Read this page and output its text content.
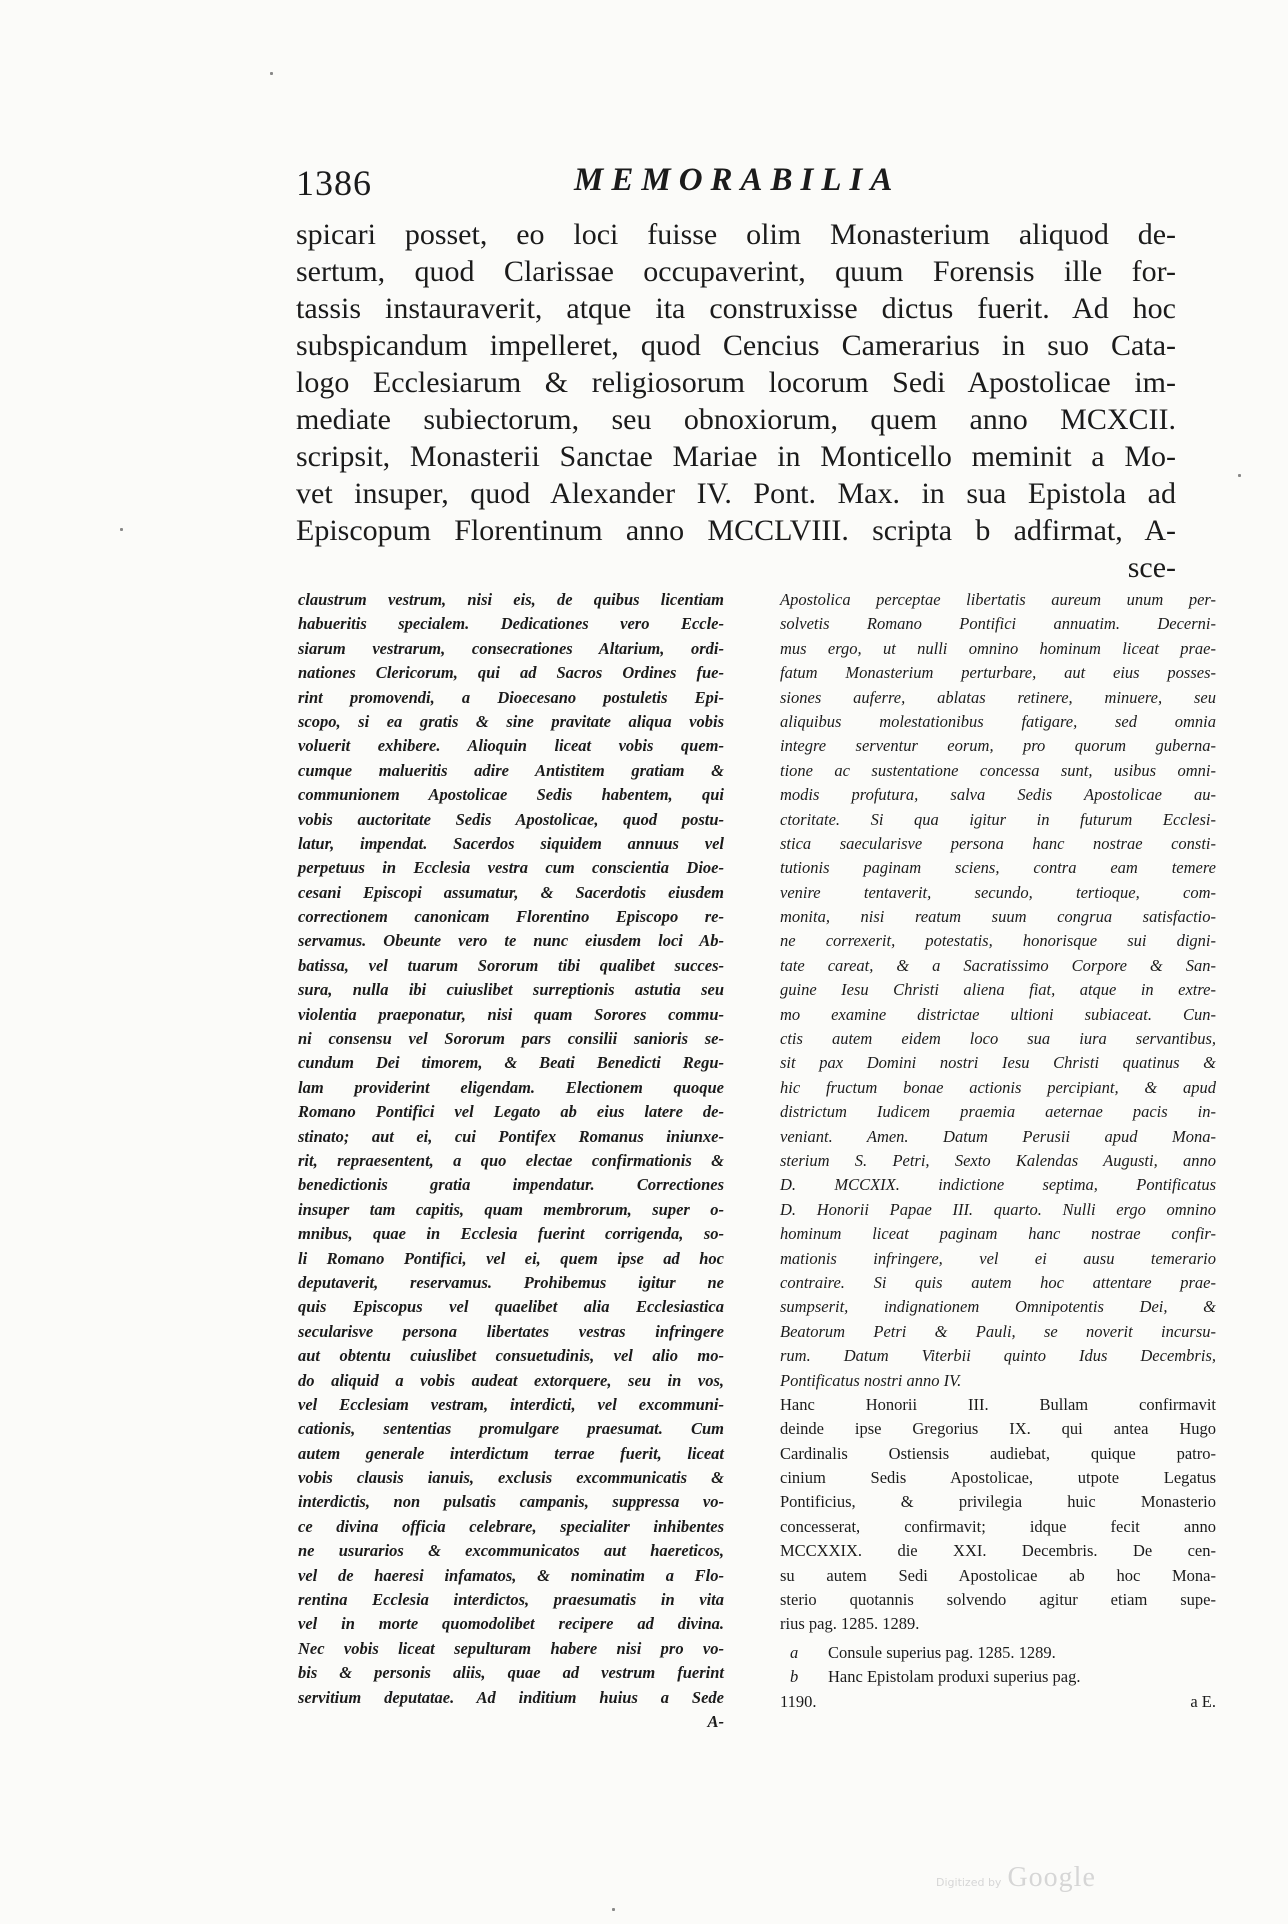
1386	MEMORABILIA
spicari posset, eo loci fuisse olim Monasterium aliquod de-
sertum, quod Clarissae occupaverint, quum Forensis ille for-
tassis instauraverit, atque ita construxisse dictus fuerit. Ad hoc
subspicandum impelleret, quod Cencius Camerarius in suo Cata-
logo Ecclesiarum & religiosorum locorum Sedi Apostolicae im-
mediate subiectorum, seu obnoxiorum, quem anno MCXCII.
scripsit, Monasterii Sanctae Mariae in Monticello meminit a Mo-
vet insuper, quod Alexander IV. Pont. Max. in sua Epistola ad
Episcopum Florentinum anno MCCLVIII. scripta b adfirmat, A-
sce-
claustrum vestrum, nisi eis, de quibus licentiam
habueritis specialem. Dedicationes vero Eccle-
siarum vestrarum, consecrationes Altarium, ordi-
nationes Clericorum, qui ad Sacros Ordines fue-
rint promovendi, a Dioecesano postuletis Epi-
scopo, si ea gratis & sine pravitate aliqua vobis
voluerit exhibere. Alioquin liceat vobis quem-
cumque malueritis adire Antistitem gratiam &
communionem Apostolicae Sedis habentem, qui
vobis auctoritate Sedis Apostolicae, quod postu-
latur, impendat. Sacerdos siquidem annuus vel
perpetuus in Ecclesia vestra cum conscientia Dioe-
cesani Episcopi assumatur, & Sacerdotis eiusdem
correctionem canonicam Florentino Episcopo re-
servamus. Obeunte vero te nunc eiusdem loci Ab-
batissa, vel tuarum Sororum tibi qualibet succes-
sura, nulla ibi cuiuslibet surreptionis astutia seu
violentia praeponatur, nisi quam Sorores commu-
ni consensu vel Sororum pars consilii sanioris se-
cundum Dei timorem, & Beati Benedicti Regu-
lam providerint eligendam. Electionem quoque
Romano Pontifici vel Legato ab eius latere de-
stinato; aut ei, cui Pontifex Romanus iniunxe-
rit, repraesentent, a quo electae confirmationis &
benedictionis gratia impendatur. Correctiones
insuper tam capitis, quam membrorum, super o-
mnibus, quae in Ecclesia fuerint corrigenda, so-
li Romano Pontifici, vel ei, quem ipse ad hoc
deputaverit, reservamus. Prohibemus igitur ne
quis Episcopus vel quaelibet alia Ecclesiastica
secularisve persona libertates vestras infringere
aut obtentu cuiuslibet consuetudinis, vel alio mo-
do aliquid a vobis audeat extorquere, seu in vos,
vel Ecclesiam vestram, interdicti, vel excommuni-
cationis, sententias promulgare praesumat. Cum
autem generale interdictum terrae fuerit, liceat
vobis clausis ianuis, exclusis excommunicatis &
interdictis, non pulsatis campanis, suppressa vo-
ce divina officia celebrare, specialiter inhibentes
ne usurarios & excommunicatos aut haereticos,
vel de haeresi infamatos, & nominatim a Flo-
rentina Ecclesia interdictos, praesumatis in vita
vel in morte quomodolibet recipere ad divina.
Nec vobis liceat sepulturam habere nisi pro vo-
bis & personis aliis, quae ad vestrum fuerint
servitium deputatae. Ad inditium huius a Sede
A-
Apostolica perceptae libertatis aureum unum per-
solvetis Romano Pontifici annuatim. Decerni-
mus ergo, ut nulli omnino hominum liceat prae-
fatum Monasterium perturbare, aut eius posses-
siones auferre, ablatas retinere, minuere, seu
aliquibus molestationibus fatigare, sed omnia
integre serventur eorum, pro quorum guberna-
tione ac sustentatione concessa sunt, usibus omni-
modis profutura, salva Sedis Apostolicae au-
ctoritate. Si qua igitur in futurum Ecclesi-
stica saecularisve persona hanc nostrae consti-
tutionis paginam sciens, contra eam temere
venire tentaverit, secundo, tertioque, com-
monita, nisi reatum suum congrua satisfactio-
ne correxerit, potestatis, honorisque sui digni-
tate careat, & a Sacratissimo Corpore & San-
guine Iesu Christi aliena fiat, atque in extre-
mo examine districtae ultioni subiaceat. Cun-
ctis autem eidem loco sua iura servantibus,
sit pax Domini nostri Iesu Christi quatinus &
hic fructum bonae actionis percipiant, & apud
districtum Iudicem praemia aeternae pacis in-
veniant. Amen. Datum Perusii apud Mona-
sterium S. Petri, Sexto Kalendas Augusti, anno
D. MCCXIX. indictione septima, Pontificatus
D. Honorii Papae III. quarto. Nulli ergo omnino
hominum liceat paginam hanc nostrae confir-
mationis infringere, vel ei ausu temerario
contraire. Si quis autem hoc attentare prae-
sumpserit, indignationem Omnipotentis Dei, &
Beatorum Petri & Pauli, se noverit incursu-
rum. Datum Viterbii quinto Idus Decembris,
Pontificatus nostri anno IV.
Hanc Honorii III. Bullam confirmavit
deinde ipse Gregorius IX. qui antea Hugo
Cardinalis Ostiensis audiebat, quique patro-
cinium Sedis Apostolicae, utpote Legatus
Pontificius, & privilegia huic Monasterio
concesserat, confirmavit; idque fecit anno
MCCXXIX. die XXI. Decembris. De cen-
su autem Sedi Apostolicae ab hoc Mona-
sterio quotannis solvendo agitur etiam supe-
rius pag. 1285. 1289.
a	Consule superius pag. 1285. 1289.
b	Hanc Epistolam produxi superius pag.
1190.	a E.
Digitized by Google
